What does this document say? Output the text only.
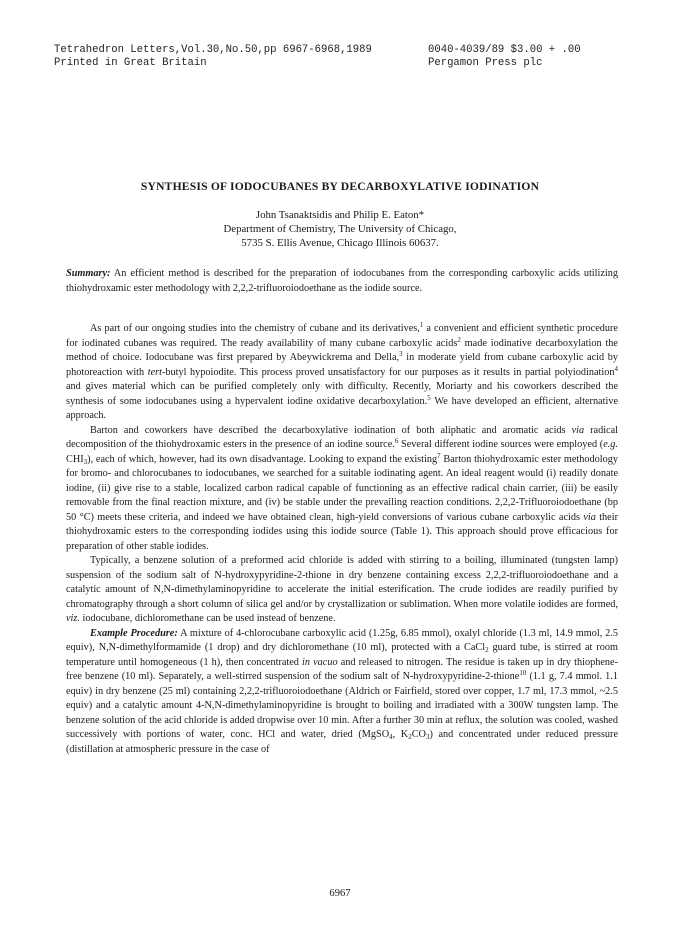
Tetrahedron Letters,Vol.30,No.50,pp 6967-6968,1989
Printed in Great Britain
0040-4039/89 $3.00 + .00
Pergamon Press plc
SYNTHESIS OF IODOCUBANES BY DECARBOXYLATIVE IODINATION
John Tsanaktsidis and Philip E. Eaton*
Department of Chemistry, The University of Chicago,
5735 S. Ellis Avenue, Chicago Illinois 60637.

Summary: An efficient method is described for the preparation of iodocubanes from the corresponding carboxylic acids utilizing thiohydroxamic ester methodology with 2,2,2-trifluoroiodoethane as the iodide source.

As part of our ongoing studies into the chemistry of cubane and its derivatives,$^1$ a convenient and efficient synthetic procedure for iodinated cubanes was required. The ready availability of many cubane carboxylic acids$^2$ made iodinative decarboxylation the method of choice. Iodocubane was first prepared by Abeywickrema and Della,$^3$ in moderate yield from cubane carboxylic acid by photoreaction with tert-butyl hypoiodite. This process proved unsatisfactory for our purposes as it results in partial polyiodination$^4$ and gives material which can be purified completely only with difficulty. Recently, Moriarty and his coworkers described the synthesis of some iodocubanes using a hypervalent iodine oxidative decarboxylation.$^5$ We have developed an efficient, alternative approach.

Barton and coworkers have described the decarboxylative iodination of both aliphatic and aromatic acids via radical decomposition of the thiohydroxamic esters in the presence of an iodine source.$^6$ Several different iodine sources were employed (e.g. $CHI_3$), each of which, however, had its own disadvantage. Looking to expand the existing$^7$ Barton thiohydroxamic ester methodology for bromo- and chlorocubanes to iodocubanes, we searched for a suitable iodinating agent. An ideal reagent would (i) readily donate iodine, (ii) give rise to a stable, localized carbon radical capable of functioning as an effective radical chain carrier, (iii) be easily removable from the final reaction mixture, and (iv) be stable under the prevailing reaction conditions. 2,2,2-Trifluoroiodoethane (bp 50 °C) meets these criteria, and indeed we have obtained clean, high-yield conversions of various cubane carboxylic acids via their thiohydroxamic esters to the corresponding iodides using this iodide source (Table 1). This approach should prove efficacious for preparation of other stable iodides.

Typically, a benzene solution of a preformed acid chloride is added with stirring to a boiling, illuminated (tungsten lamp) suspension of the sodium salt of N-hydroxypyridine-2-thione in dry benzene containing excess 2,2,2-trifluoroiodoethane and a catalytic amount of N,N-dimethylaminopyridine to accelerate the initial esterification. The crude iodides are readily purified by chromatography through a short column of silica gel and/or by crystallization or sublimation. When more volatile iodides are formed, viz. iodocubane, dichloromethane can be used instead of benzene.

Example Procedure: A mixture of 4-chlorocubane carboxylic acid (1.25g, 6.85 mmol), oxalyl chloride (1.3 ml, 14.9 mmol, 2.5 equiv), N,N-dimethylformamide (1 drop) and dry dichloromethane (10 ml), protected with a CaCl$_2$ guard tube, is stirred at room temperature until homogeneous (1 h), then concentrated in vacuo and released to nitrogen. The residue is taken up in dry thiophene-free benzene (10 ml). Separately, a well-stirred suspension of the sodium salt of N-hydroxypyridine-2-thione$^{10}$ (1.1 g, 7.4 mmol. 1.1 equiv) in dry benzene (25 ml) containing 2,2,2-trifluoroiodoethane (Aldrich or Fairfield, stored over copper, 1.7 ml, 17.3 mmol, ~2.5 equiv) and a catalytic amount 4-N,N-dimethylaminopyridine is brought to boiling and irradiated with a 300W tungsten lamp. The benzene solution of the acid chloride is added dropwise over 10 min. After a further 30 min at reflux, the solution was cooled, washed successively with portions of water, conc. HCl and water, dried (MgSO$_4$, $K_2CO_3$) and concentrated under reduced pressure (distillation at atmospheric pressure in the case of

6967
